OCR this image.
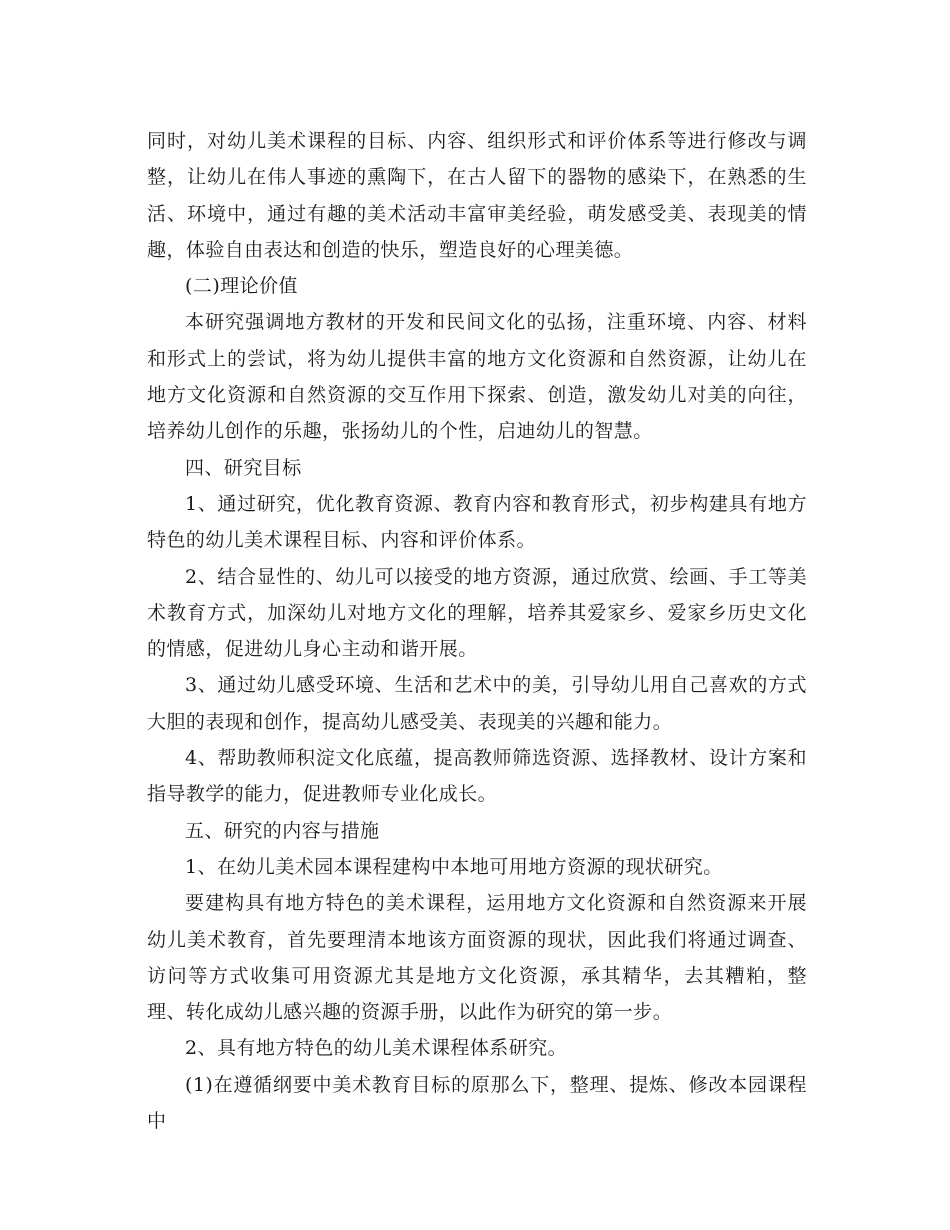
同时，对幼儿美术课程的目标、内容、组织形式和评价体系等进行修改与调整，让幼儿在伟人事迹的熏陶下，在古人留下的器物的感染下，在熟悉的生活、环境中，通过有趣的美术活动丰富审美经验，萌发感受美、表现美的情趣，体验自由表达和创造的快乐，塑造良好的心理美德。

(二)理论价值

本研究强调地方教材的开发和民间文化的弘扬，注重环境、内容、材料和形式上的尝试，将为幼儿提供丰富的地方文化资源和自然资源，让幼儿在地方文化资源和自然资源的交互作用下探索、创造，激发幼儿对美的向往，培养幼儿创作的乐趣，张扬幼儿的个性，启迪幼儿的智慧。

四、研究目标

1、通过研究，优化教育资源、教育内容和教育形式，初步构建具有地方特色的幼儿美术课程目标、内容和评价体系。

2、结合显性的、幼儿可以接受的地方资源，通过欣赏、绘画、手工等美术教育方式，加深幼儿对地方文化的理解，培养其爱家乡、爱家乡历史文化的情感，促进幼儿身心主动和谐开展。

3、通过幼儿感受环境、生活和艺术中的美，引导幼儿用自己喜欢的方式大胆的表现和创作，提高幼儿感受美、表现美的兴趣和能力。

4、帮助教师积淀文化底蕴，提高教师筛选资源、选择教材、设计方案和指导教学的能力，促进教师专业化成长。

五、研究的内容与措施

1、在幼儿美术园本课程建构中本地可用地方资源的现状研究。

要建构具有地方特色的美术课程，运用地方文化资源和自然资源来开展幼儿美术教育，首先要理清本地该方面资源的现状，因此我们将通过调查、访问等方式收集可用资源尤其是地方文化资源，承其精华，去其糟粕，整理、转化成幼儿感兴趣的资源手册，以此作为研究的第一步。

2、具有地方特色的幼儿美术课程体系研究。

(1)在遵循纲要中美术教育目标的原那么下，整理、提炼、修改本园课程中
